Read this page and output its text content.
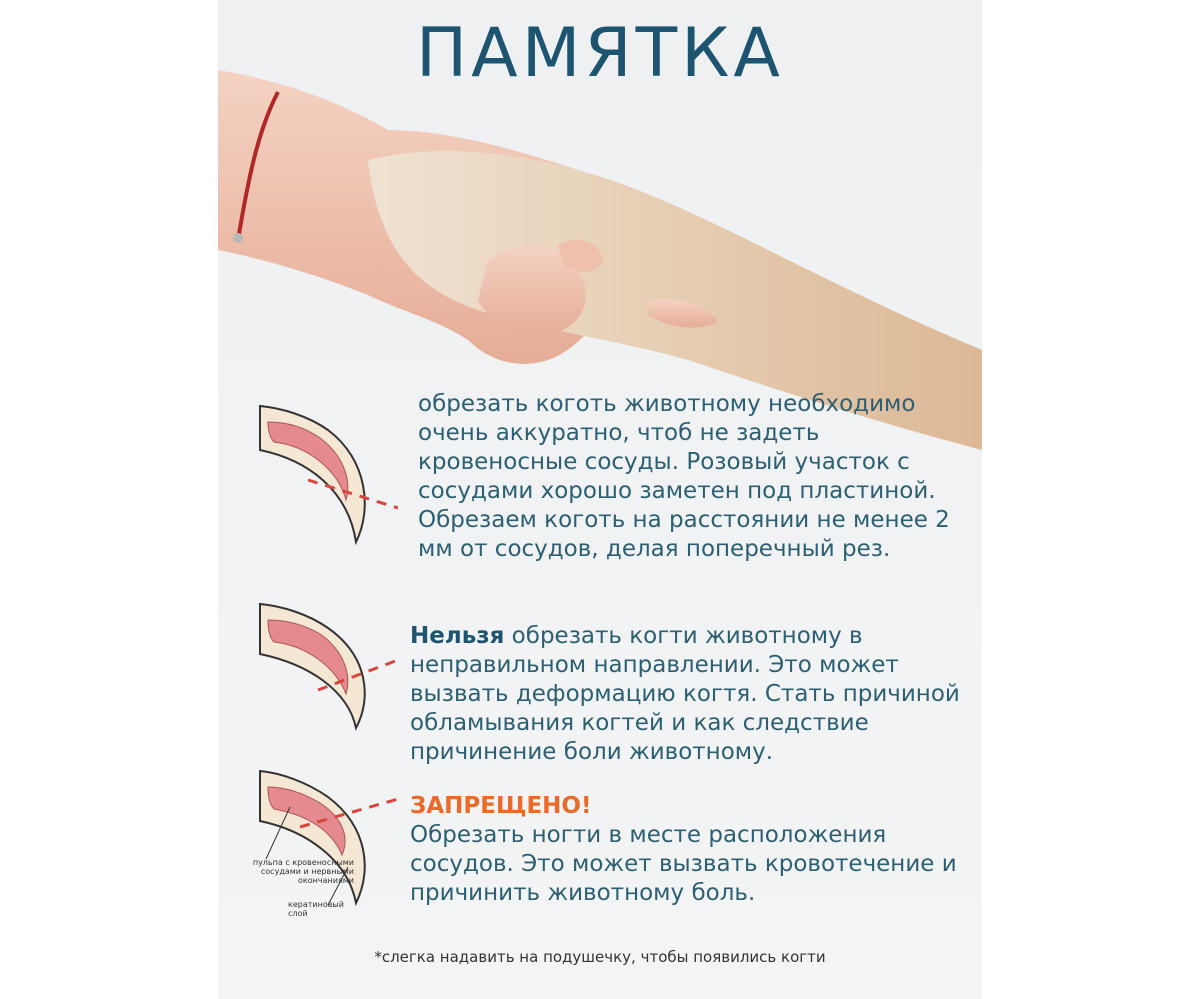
ПАМЯТКА
пульпа с кровеносными сосудами и нервными окончаниями
кератиновый слой

обрезать коготь животному необходимо очень аккуратно, чтоб не задеть кровеносные сосуды. Розовый участок с сосудами хорошо заметен под пластиной. Обрезаем коготь на расстоянии не менее 2 мм от сосудов, делая поперечный рез.

Нельзя обрезать когти животному в неправильном направлении. Это может вызвать деформацию когтя. Стать причиной обламывания когтей и как следствие причинение боли животному.

ЗАПРЕЩЕНО!
Обрезать ногти в месте расположения сосудов. Это может вызвать кровотечение и причинить животному боль.

*слегка надавить на подушечку, чтобы появились когти
